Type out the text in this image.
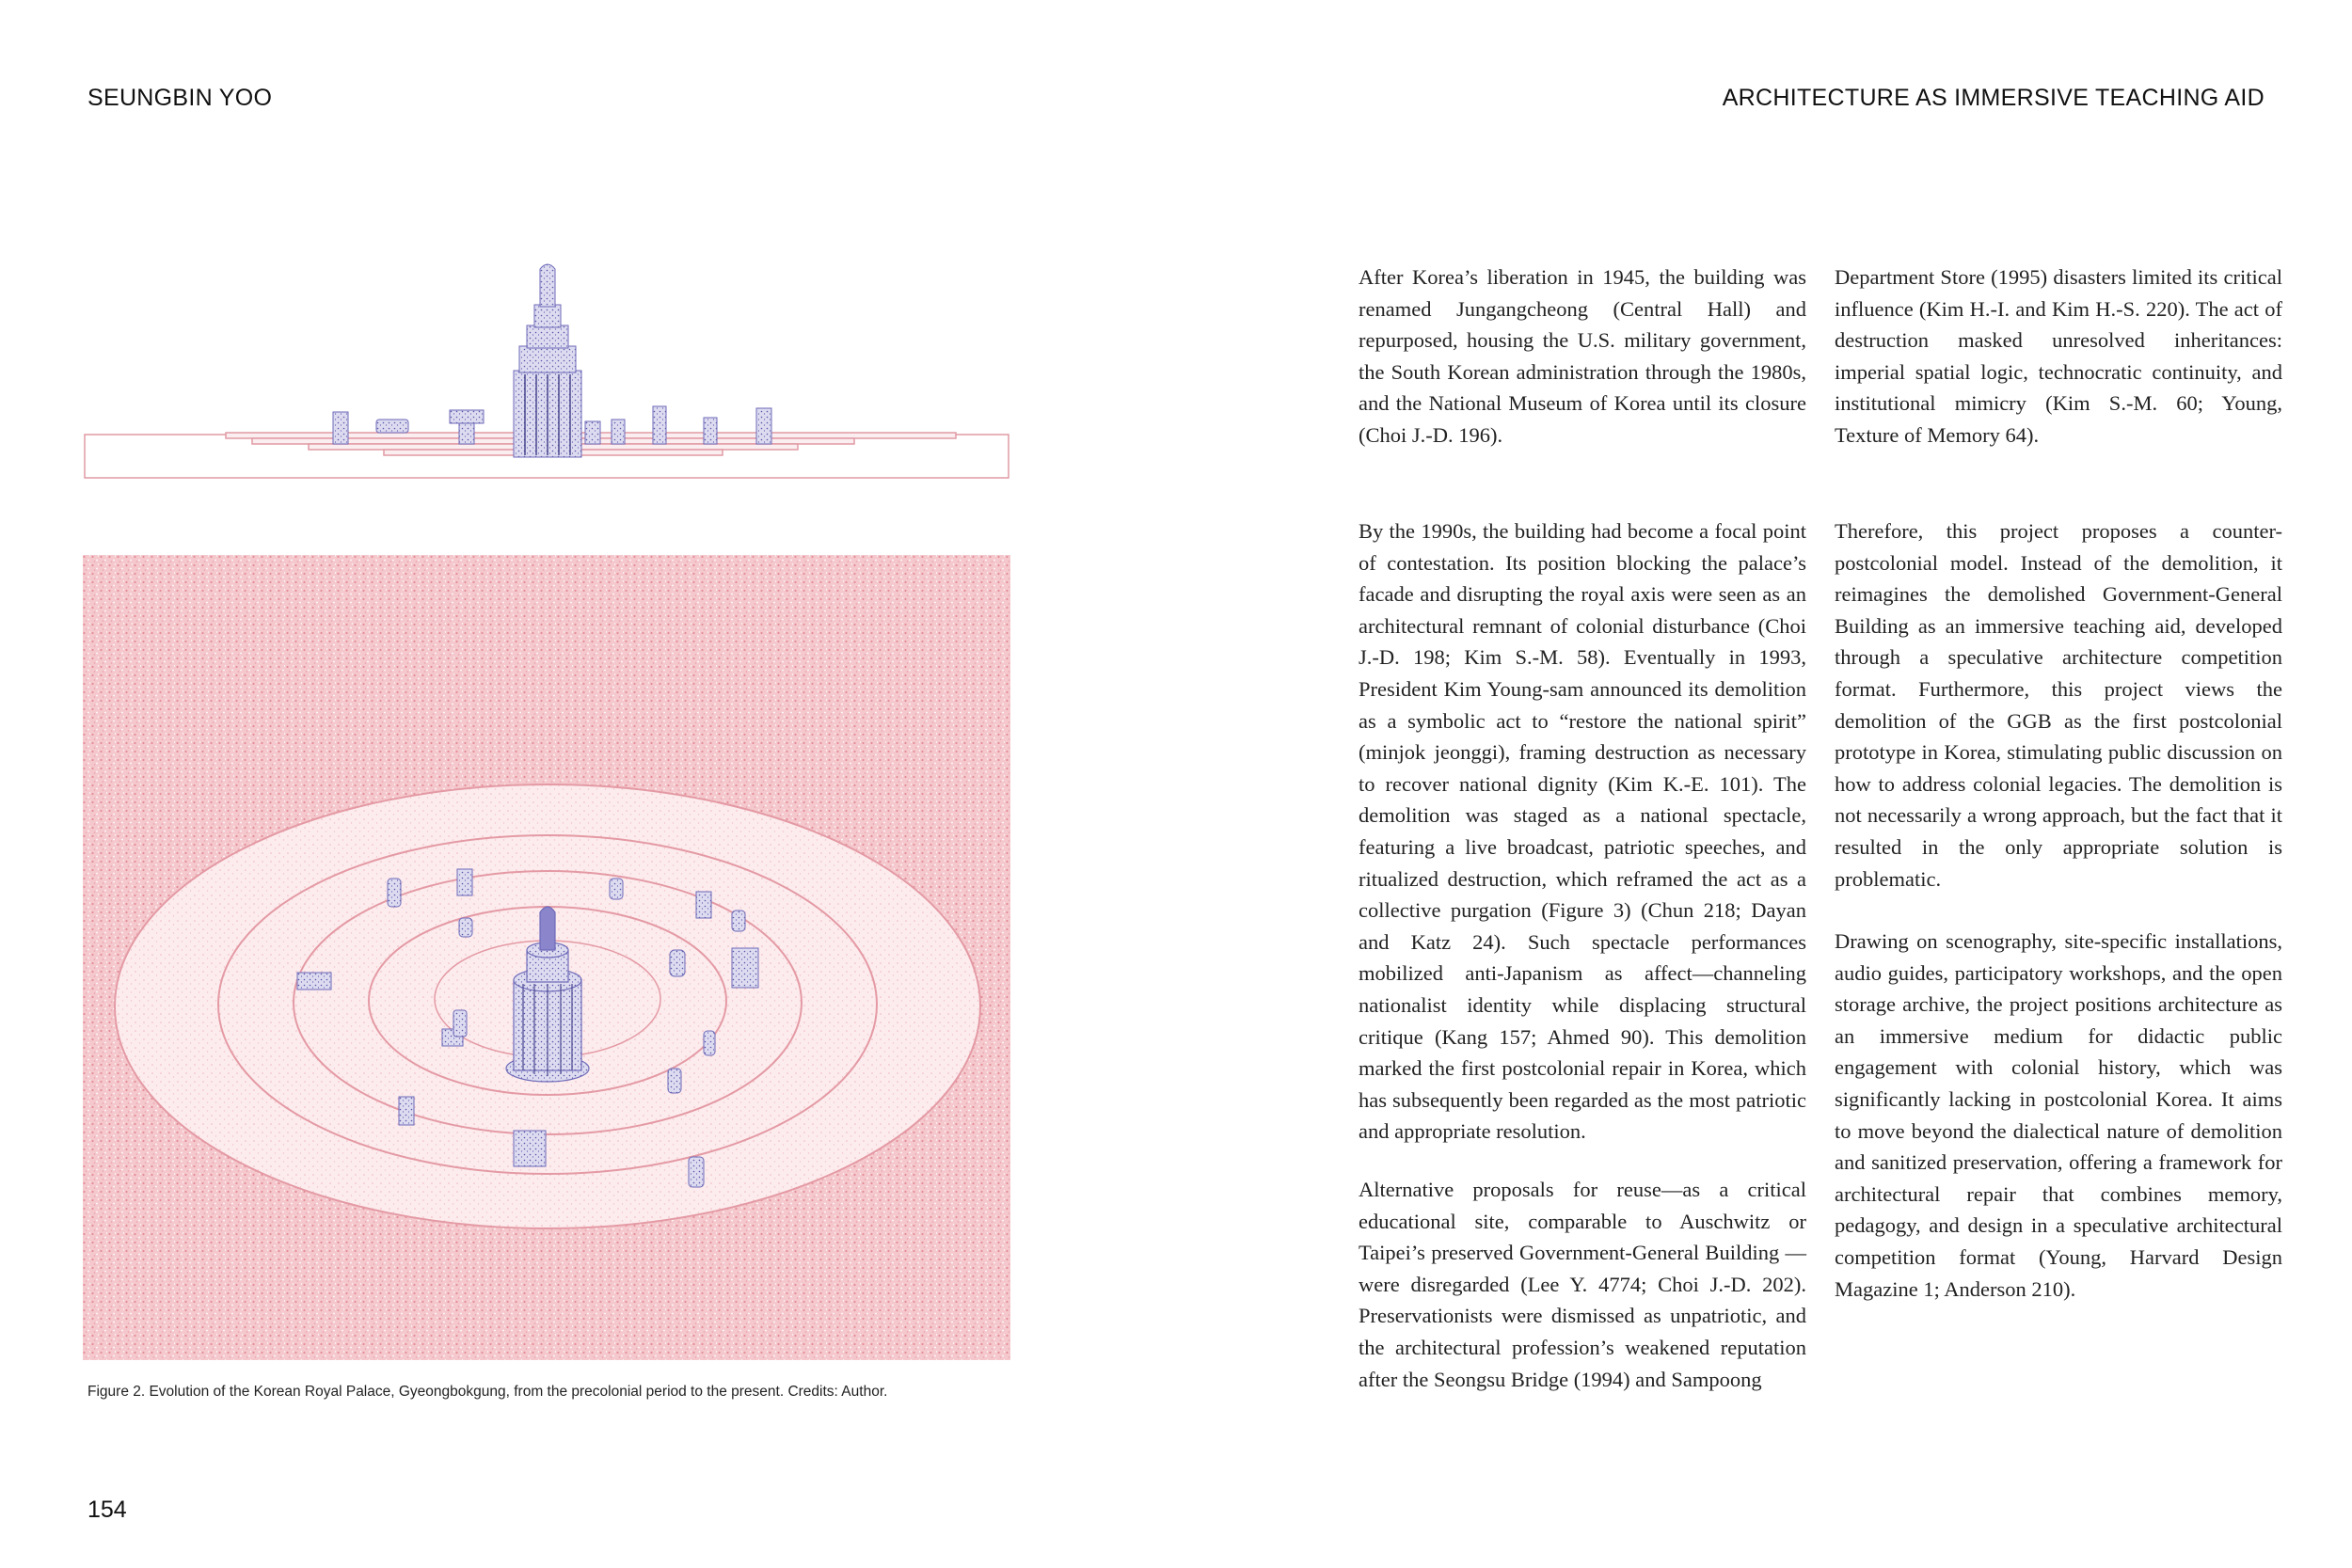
SEUNGBIN YOO	ARCHITECTURE AS IMMERSIVE TEACHING AID
Figure 2. Evolution of the Korean Royal Palace, Gyeongbokgung, from the precolonial period to the present. Credits: Author.

After Korea’s liberation in 1945, the building was renamed Jungangcheong (Central Hall) and repurposed, housing the U.S. military government, the South Korean administration through the 1980s, and the National Museum of Korea until its closure (Choi J.-D. 196).

By the 1990s, the building had become a focal point of contestation. Its position blocking the palace’s facade and disrupting the royal axis were seen as an architectural remnant of colonial disturbance (Choi J.-D. 198; Kim S.-M. 58). Eventually in 1993, President Kim Young-sam announced its demolition as a symbolic act to “restore the national spirit” (minjok jeonggi), framing destruction as necessary to recover national dignity (Kim K.-E. 101). The demolition was staged as a national spectacle, featuring a live broadcast, patriotic speeches, and ritualized destruction, which reframed the act as a collective purgation (Figure 3) (Chun 218; Dayan and Katz 24). Such spectacle performances mobilized anti-Japanism as affect—channeling nationalist identity while displacing structural critique (Kang 157; Ahmed 90). This demolition marked the first postcolonial repair in Korea, which has subsequently been regarded as the most patriotic and appropriate resolution.

Alternative proposals for reuse—as a critical educational site, comparable to Auschwitz or Taipei’s preserved Government-General Building —were disregarded (Lee Y. 4774; Choi J.-D. 202). Preservationists were dismissed as unpatriotic, and the architectural profession’s weakened reputation after the Seongsu Bridge (1994) and Sampoong

Department Store (1995) disasters limited its critical influence (Kim H.-I. and Kim H.-S. 220). The act of destruction masked unresolved inheritances: imperial spatial logic, technocratic continuity, and institutional mimicry (Kim S.-M. 60; Young, Texture of Memory 64).

Therefore, this project proposes a counter-postcolonial model. Instead of the demolition, it reimagines the demolished Government-General Building as an immersive teaching aid, developed through a speculative architecture competition format. Furthermore, this project views the demolition of the GGB as the first postcolonial prototype in Korea, stimulating public discussion on how to address colonial legacies. The demolition is not necessarily a wrong approach, but the fact that it resulted in the only appropriate solution is problematic.

Drawing on scenography, site-specific installations, audio guides, participatory workshops, and the open storage archive, the project positions architecture as an immersive medium for didactic public engagement with colonial history, which was significantly lacking in postcolonial Korea. It aims to move beyond the dialectical nature of demolition and sanitized preservation, offering a framework for architectural repair that combines memory, pedagogy, and design in a speculative architectural competition format (Young, Harvard Design Magazine 1; Anderson 210).

154
